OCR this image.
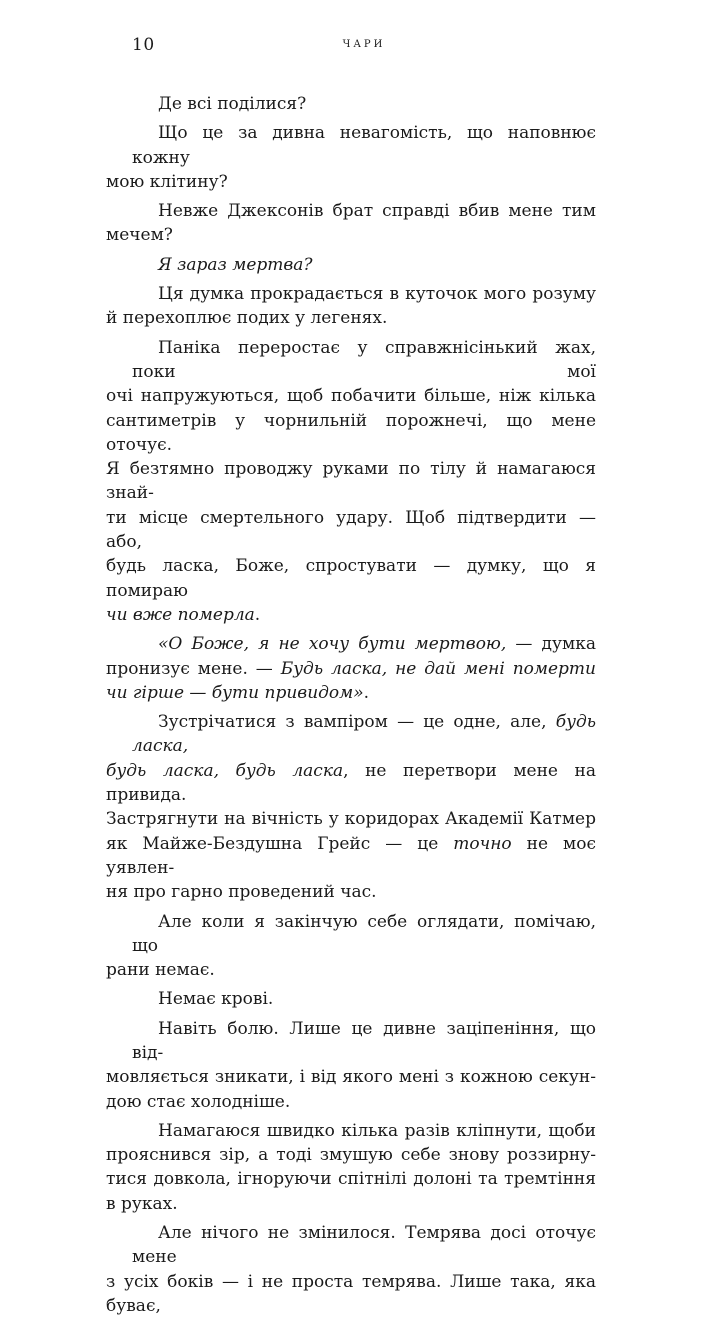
10	чари
Де всі поділися?
Що це за дивна невагомість, що наповнює кожну
мою клітину?
Невже Джексонів брат справді вбив мене тим
мечем?
Я зараз мертва?
Ця думка прокрадається в куточок мого розуму
й перехоплює подих у легенях.
Паніка переростає у справжнісінький жах, поки мої
очі напружуються, щоб побачити більше, ніж кілька
сантиметрів у чорнильній порожнечі, що мене оточує.
Я безтямно проводжу руками по тілу й намагаюся знай-
ти місце смертельного удару. Щоб підтвердити — або,
будь ласка, Боже, спростувати — думку, що я помираю
чи вже померла.
«О Боже, я не хочу бути мертвою, — думка
пронизує мене. — Будь ласка, не дай мені померти
чи гірше — бути привидом».
Зустрічатися з вампіром — це одне, але, будь ласка,
будь ласка, будь ласка, не перетвори мене на привида.
Застрягнути на вічність у коридорах Академії Катмер
як Майже-Бездушна Грейс — це точно не моє уявлен-
ня про гарно проведений час.
Але коли я закінчую себе оглядати, помічаю, що
рани немає.
Немає крові.
Навіть болю. Лише це дивне заціпеніння, що від-
мовляється зникати, і від якого мені з кожною секун-
дою стає холодніше.
Намагаюся швидко кілька разів кліпнути, щоби
прояснився зір, а тоді змушую себе знову роззирну-
тися довкола, ігноруючи спітнілі долоні та тремтіння
в руках.
Але нічого не змінилося. Темрява досі оточує мене
з усіх боків — і не проста темрява. Лише така, яка буває,
